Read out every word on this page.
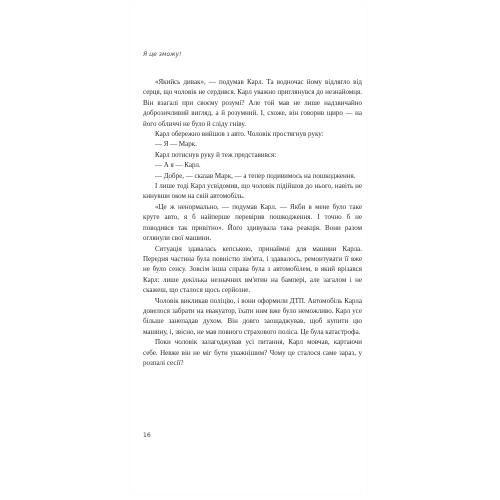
Я це зможу!

«Якийсь дивак», — подумав Карл. Та водночас йому відлягло від серця, що чоловік не сердився. Карл уважно приглянувся до незнайомця. Він взагалі при своєму розумі? Але той мав не лише надзвичайно доброзичливий вигляд, а й розумний. І, схоже, він говорив щиро — на його обличчі не було й сліду гніву.

Карл обережно вийшов з авто. Чоловік простягнув руку:

— Я — Марк.

Карл потиснув руку й теж представився:

— А я — Карл.

— Добре, — сказав Марк, — а тепер подивимось на пошкодження.

І лише тоді Карл усвідомив, що чоловік підійшов до нього, навіть не кинувши оком на свій автомобіль.

«Це ж ненормально, — подумав Карл. — Якби в мене було таке круте авто, я б найперше перевірив пошкодження. І точно б не поводився так привітно». Його здивувала така реакція. Вони разом оглянули свої машини.

Ситуація здавалась кепською, принаймні для машини Карла. Передня частина була повністю зім'ята, і здавалось, ремонтувати її вже не було сенсу. Зовсім інша справа була з автомобілем, в який врізався Карл: лише декілька незначних вм'ятин на бампері, але загалом і не скажеш, що сталося щось серйозне.

Чоловік викликав поліцію, і вони оформили ДТП. Автомобіль Карла довелося забрати на евакуатор, їхати ним вже було неможливо. Карл усе більше занепадав духом. Він довго заощаджував, щоб купити цю машину, і, звісно, не мав повного страхового поліса. Це була катастрофа.

Поки чоловік залагоджував усі питання, Карл мовчав, картаючи себе. Невже він не міг бути уважнішим? Чому це сталося саме зараз, у розпалі сесії?

16
